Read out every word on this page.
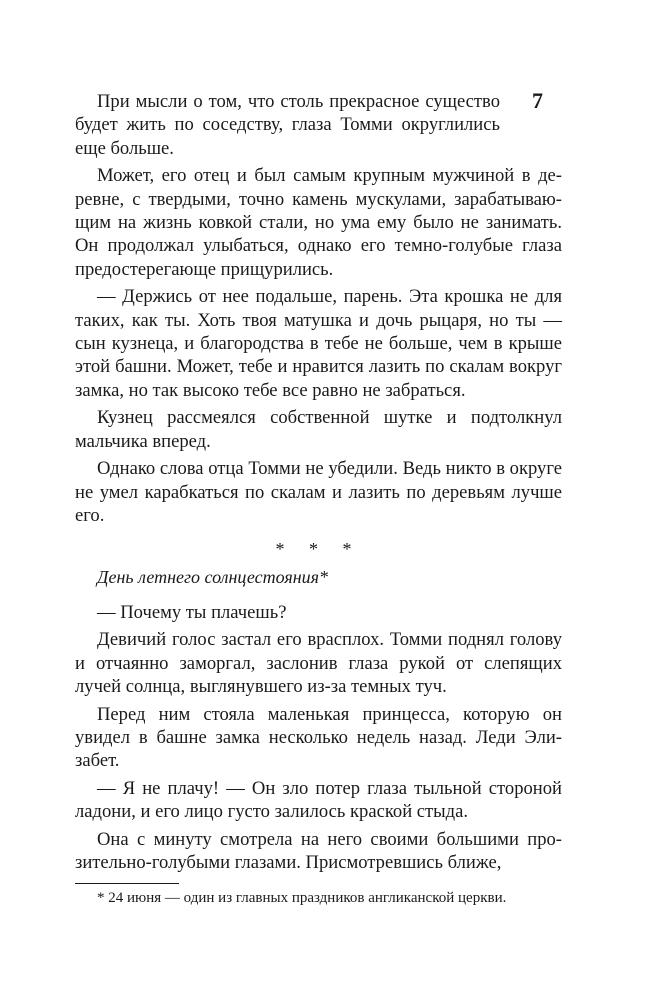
7

При мысли о том, что столь прекрасное существо будет жить по соседству, глаза Томми округлились еще больше.

Может, его отец и был самым крупным мужчиной в деревне, с твердыми, точно камень мускулами, зарабатывающим на жизнь ковкой стали, но ума ему было не занимать. Он продолжал улыбаться, однако его темно-голубые глаза предостерегающе прищурились.

— Держись от нее подальше, парень. Эта крошка не для таких, как ты. Хоть твоя матушка и дочь рыцаря, но ты — сын кузнеца, и благородства в тебе не больше, чем в крыше этой башни. Может, тебе и нравится лазить по скалам вокруг замка, но так высоко тебе все равно не забраться.

Кузнец рассмеялся собственной шутке и подтолкнул мальчика вперед.

Однако слова отца Томми не убедили. Ведь никто в округе не умел карабкаться по скалам и лазить по деревьям лучше его.

* * *
День летнего солнцестояния*

— Почему ты плачешь?

Девичий голос застал его врасплох. Томми поднял голову и отчаянно заморгал, заслонив глаза рукой от слепящих лучей солнца, выглянувшего из-за темных туч.

Перед ним стояла маленькая принцесса, которую он увидел в башне замка несколько недель назад. Леди Элизабет.

— Я не плачу! — Он зло потер глаза тыльной стороной ладони, и его лицо густо залилось краской стыда.

Она с минуту смотрела на него своими большими прозительно-голубыми глазами. Присмотревшись ближе,

* 24 июня — один из главных праздников англиканской церкви.
